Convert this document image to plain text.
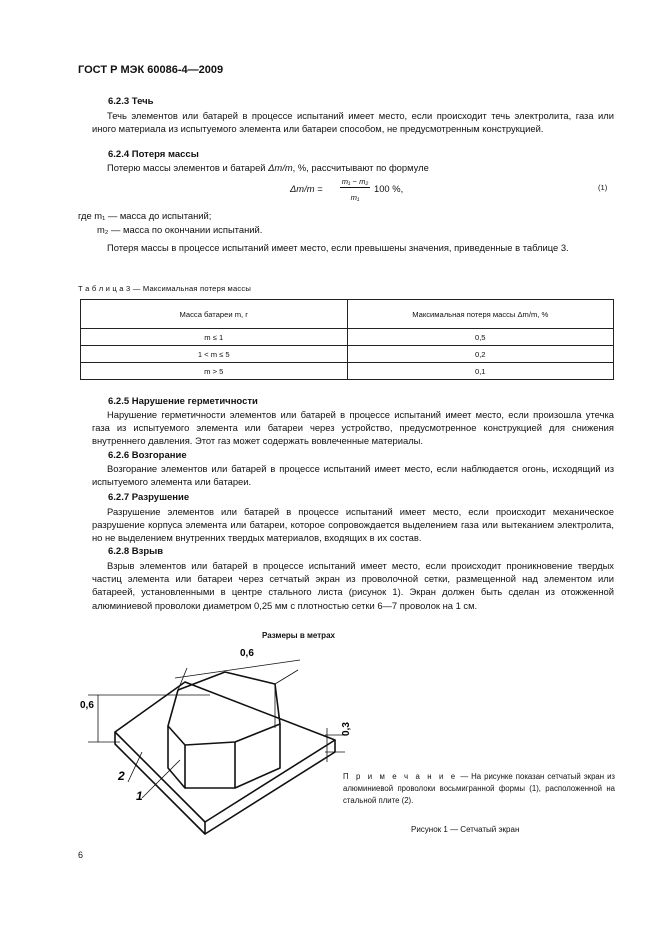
ГОСТ Р МЭК 60086-4—2009
6.2.3 Течь
Течь элементов или батарей в процессе испытаний имеет место, если происходит течь электролита, газа или иного материала из испытуемого элемента или батареи способом, не предусмотренным конструкцией.
6.2.4 Потеря массы
Потерю массы элементов и батарей Δm/m, %, рассчитывают по формуле
Δm/m =
m₁ − m₂
m₁
100 %,	(1)
где m₁ — масса до испытаний;
m₂ — масса по окончании испытаний.
Потеря массы в процессе испытаний имеет место, если превышены значения, приведенные в таблице 3.
Т а б л и ц а 3 — Максимальная потеря массы
Масса батареи m, г	Максимальная потеря массы Δm/m, %
m ≤ 1	0,5
1 < m ≤ 5	0,2
m > 5	0,1
6.2.5 Нарушение герметичности
Нарушение герметичности элементов или батарей в процессе испытаний имеет место, если произошла утечка газа из испытуемого элемента или батареи через устройство, предусмотренное конструкцией для снижения внутреннего давления. Этот газ может содержать вовлеченные материалы.
6.2.6 Возгорание
Возгорание элементов или батарей в процессе испытаний имеет место, если наблюдается огонь, исходящий из испытуемого элемента или батареи.
6.2.7 Разрушение
Разрушение элементов или батарей в процессе испытаний имеет место, если происходит механическое разрушение корпуса элемента или батареи, которое сопровождается выделением газа или вытеканием электролита, но не выделением внутренних твердых материалов, входящих в их состав.
6.2.8 Взрыв
Взрыв элементов или батарей в процессе испытаний имеет место, если происходит проникновение твердых частиц элемента или батареи через сетчатый экран из проволочной сетки, размещенной над элементом или батареей, установленными в центре стального листа (рисунок 1). Экран должен быть сделан из отожженной алюминиевой проволоки диаметром 0,25 мм с плотностью сетки 6—7 проволок на 1 см.
Размеры в метрах
0,6
0,6
0,3
2
1
П р и м е ч а н и е — На рисунке показан сетчатый экран из алюминиевой проволоки восьмигранной формы (1), расположенной на стальной плите (2).
Рисунок 1 — Сетчатый экран
6
